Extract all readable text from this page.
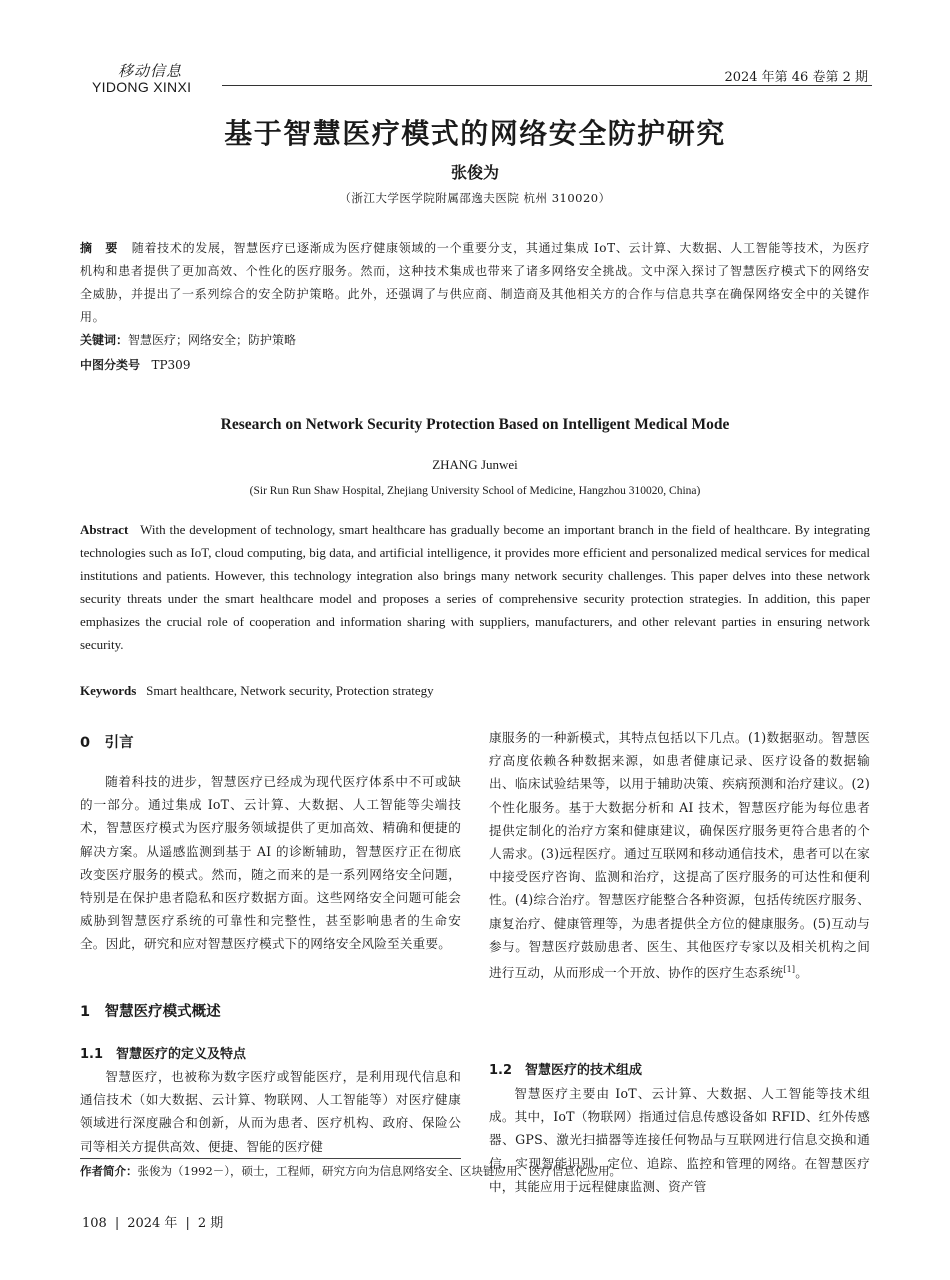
移动信息
YIDONG XINXI
2024 年第 46 卷第 2 期
基于智慧医疗模式的网络安全防护研究
张俊为
（浙江大学医学院附属邵逸夫医院 杭州 310020）
摘　要 随着技术的发展，智慧医疗已逐渐成为医疗健康领域的一个重要分支，其通过集成 IoT、云计算、大数据、人工智能等技术，为医疗机构和患者提供了更加高效、个性化的医疗服务。然而，这种技术集成也带来了诸多网络安全挑战。文中深入探讨了智慧医疗模式下的网络安全威胁，并提出了一系列综合的安全防护策略。此外，还强调了与供应商、制造商及其他相关方的合作与信息共享在确保网络安全中的关键作用。
关键词：智慧医疗；网络安全；防护策略
中图分类号 TP309
Research on Network Security Protection Based on Intelligent Medical Mode
ZHANG Junwei
(Sir Run Run Shaw Hospital, Zhejiang University School of Medicine, Hangzhou 310020, China)
Abstract With the development of technology, smart healthcare has gradually become an important branch in the field of healthcare. By integrating technologies such as IoT, cloud computing, big data, and artificial intelligence, it provides more efficient and personalized medical services for medical institutions and patients. However, this technology integration also brings many network security challenges. This paper delves into these network security threats under the smart healthcare model and proposes a series of comprehensive security protection strategies. In addition, this paper emphasizes the crucial role of cooperation and information sharing with suppliers, manufacturers, and other relevant parties in ensuring network security.
Keywords Smart healthcare, Network security, Protection strategy
0　引言

随着科技的进步，智慧医疗已经成为现代医疗体系中不可或缺的一部分。通过集成 IoT、云计算、大数据、人工智能等尖端技术，智慧医疗模式为医疗服务领域提供了更加高效、精确和便捷的解决方案。从遥感监测到基于 AI 的诊断辅助，智慧医疗正在彻底改变医疗服务的模式。然而，随之而来的是一系列网络安全问题，特别是在保护患者隐私和医疗数据方面。这些网络安全问题可能会威胁到智慧医疗系统的可靠性和完整性，甚至影响患者的生命安全。因此，研究和应对智慧医疗模式下的网络安全风险至关重要。

1　智慧医疗模式概述
1.1　智慧医疗的定义及特点

智慧医疗，也被称为数字医疗或智能医疗，是利用现代信息和通信技术（如大数据、云计算、物联网、人工智能等）对医疗健康领域进行深度融合和创新，从而为患者、医疗机构、政府、保险公司等相关方提供高效、便捷、智能的医疗健

作者简介：张俊为（1992－），硕士，工程师，研究方向为信息网络安全、区块链应用、医疗信息化应用。
康服务的一种新模式，其特点包括以下几点。(1)数据驱动。智慧医疗高度依赖各种数据来源，如患者健康记录、医疗设备的数据输出、临床试验结果等，以用于辅助决策、疾病预测和治疗建议。(2)个性化服务。基于大数据分析和 AI 技术，智慧医疗能为每位患者提供定制化的治疗方案和健康建议，确保医疗服务更符合患者的个人需求。(3)远程医疗。通过互联网和移动通信技术，患者可以在家中接受医疗咨询、监测和治疗，这提高了医疗服务的可达性和便利性。(4)综合治疗。智慧医疗能整合各种资源，包括传统医疗服务、康复治疗、健康管理等，为患者提供全方位的健康服务。(5)互动与参与。智慧医疗鼓励患者、医生、其他医疗专家以及相关机构之间进行互动，从而形成一个开放、协作的医疗生态系统[1]。
1.2　智慧医疗的技术组成

智慧医疗主要由 IoT、云计算、大数据、人工智能等技术组成。其中，IoT（物联网）指通过信息传感设备如 RFID、红外传感器、GPS、激光扫描器等连接任何物品与互联网进行信息交换和通信，实现智能识别、定位、追踪、监控和管理的网络。在智慧医疗中，其能应用于远程健康监测、资产管

108 | 2024 年 | 2 期
